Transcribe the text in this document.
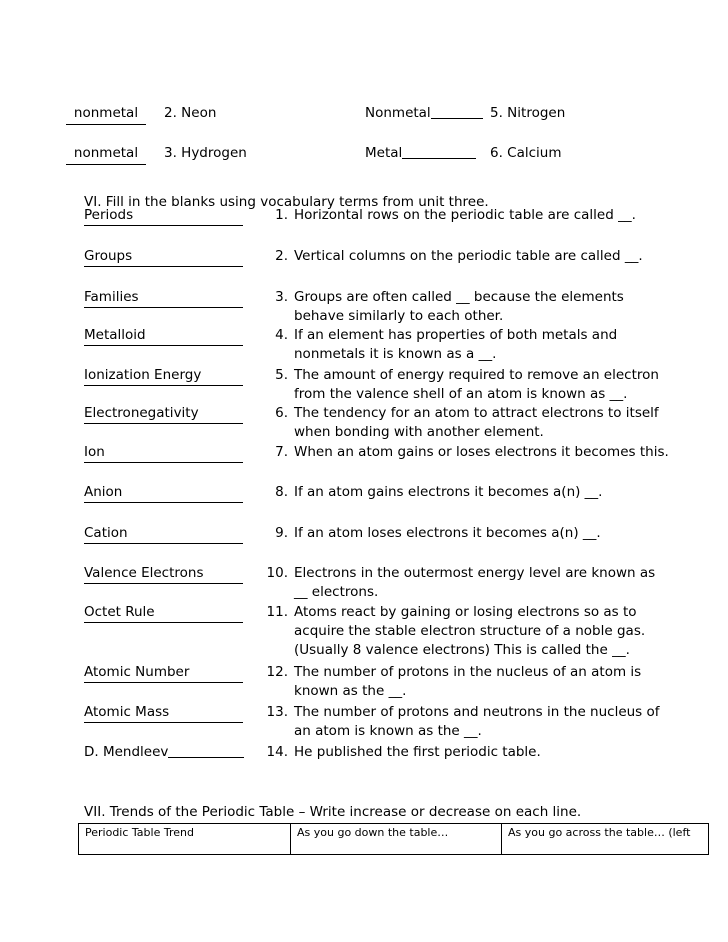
nonmetal	2. Neon	Nonmetal	5. Nitrogen
nonmetal	3. Hydrogen	Metal	6. Calcium
VI. Fill in the blanks using vocabulary terms from unit three.
Periods	1. Horizontal rows on the periodic table are called __.
Groups	2. Vertical columns on the periodic table are called __.
Families	3. Groups are often called __ because the elements
behave similarly to each other.
Metalloid	4. If an element has properties of both metals and
nonmetals it is known as a __.
Ionization Energy	5. The amount of energy required to remove an electron
from the valence shell of an atom is known as __.
Electronegativity	6. The tendency for an atom to attract electrons to itself
when bonding with another element.
Ion	7. When an atom gains or loses electrons it becomes this.
Anion	8. If an atom gains electrons it becomes a(n) __.
Cation	9. If an atom loses electrons it becomes a(n) __.
Valence Electrons	10. Electrons in the outermost energy level are known as
__ electrons.
Octet Rule	11. Atoms react by gaining or losing electrons so as to
acquire the stable electron structure of a noble gas.
(Usually 8 valence electrons) This is called the __.
Atomic Number	12. The number of protons in the nucleus of an atom is
known as the __.
Atomic Mass	13. The number of protons and neutrons in the nucleus of
an atom is known as the __.
D. Mendleev	14. He published the first periodic table.
VII. Trends of the Periodic Table – Write increase or decrease on each line.
Periodic Table Trend	As you go down the table…	As you go across the table… (left
